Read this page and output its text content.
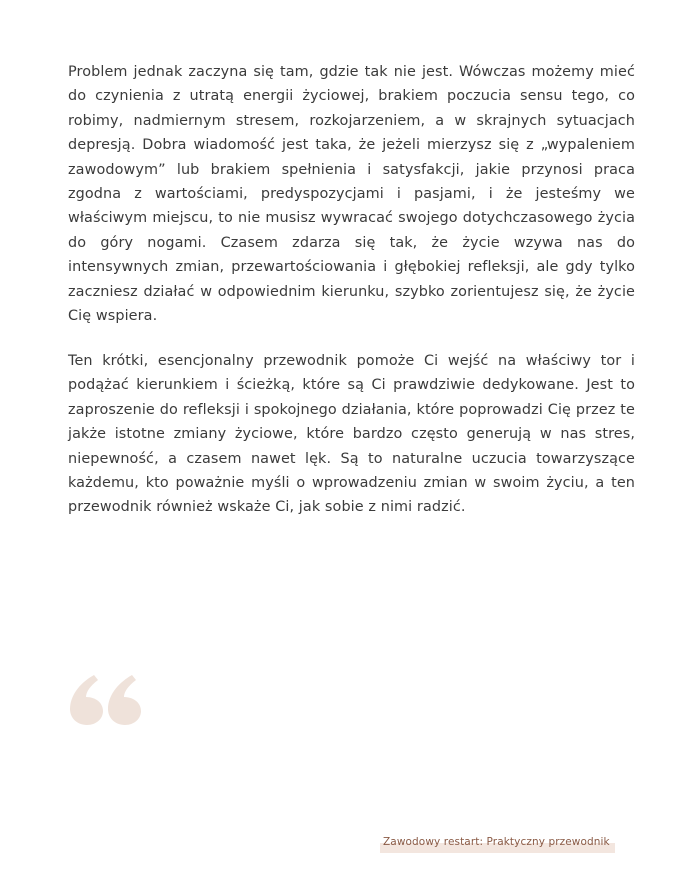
Problem jednak zaczyna się tam, gdzie tak nie jest. Wówczas możemy mieć do czynienia z utratą energii życiowej, brakiem poczucia sensu tego, co robimy, nadmiernym stresem, rozkojarzeniem, a w skrajnych sytuacjach depresją. Dobra wiadomość jest taka, że jeżeli mierzysz się z „wypaleniem zawodowym” lub brakiem spełnienia i satysfakcji, jakie przynosi praca zgodna z wartościami, predyspozycjami i pasjami, i że jesteśmy we właściwym miejscu, to nie musisz wywracać swojego dotychczasowego życia do góry nogami. Czasem zdarza się tak, że życie wzywa nas do intensywnych zmian, przewartościowania i głębokiej refleksji, ale gdy tylko zaczniesz działać w odpowiednim kierunku, szybko zorientujesz się, że życie Cię wspiera.

Ten krótki, esencjonalny przewodnik pomoże Ci wejść na właściwy tor i podążać kierunkiem i ścieżką, które są Ci prawdziwie dedykowane. Jest to zaproszenie do refleksji i spokojnego działania, które poprowadzi Cię przez te jakże istotne zmiany życiowe, które bardzo często generują w nas stres, niepewność, a czasem nawet lęk. Są to naturalne uczucia towarzyszące każdemu, kto poważnie myśli o wprowadzeniu zmian w swoim życiu, a ten przewodnik również wskaże Ci, jak sobie z nimi radzić.

Zawodowy restart: Praktyczny przewodnik
